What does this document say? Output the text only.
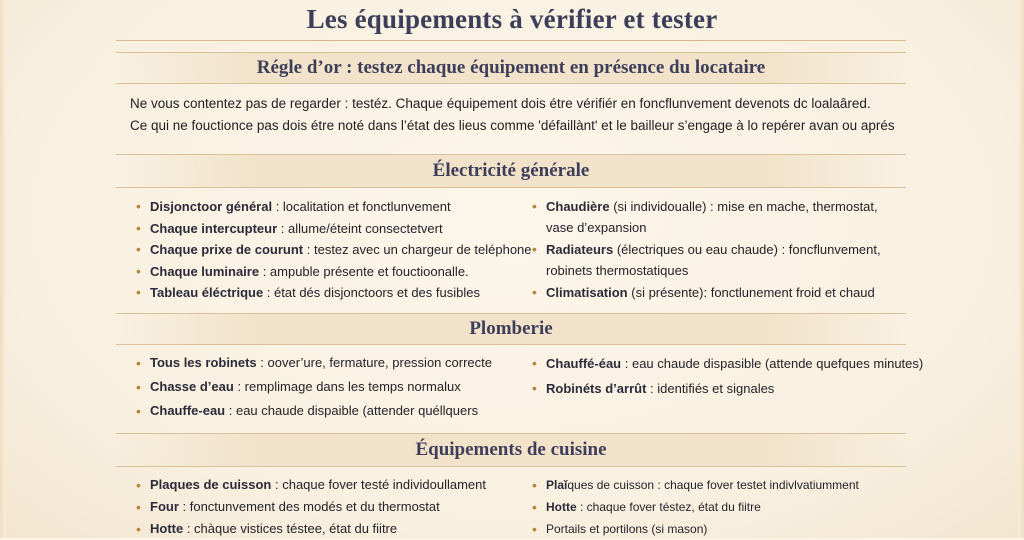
Les équipements à vérifier et tester
Régle d’or : testez chaque équipement en présence du locataire

Ne vous contentez pas de regarder : testéz. Chaque équipement dois étre vérifiér en foncflunvement devenots dc loalaâred.

Ce qui ne fouctionce pas dois étre noté dans l’état des lieus comme 'défaillànt' et le bailleur s’engage à lo repérer avan ou aprés

Électricité générale
• Disjonctoor général : localitation et fonctlunvement
• Chaque intercupteur : allume/éteint consectetvert
• Chaque prixe de courunt : testez avec un chargeur de teléphone
• Chaque luminaire : ampuble présente et fouctioonalle.
• Tableau éléctrique : état dés disjonctoors et des fusibles
• Chaudière (si individoualle) : mise en mache, thermostat,
vase d’expansion
• Radiateurs (électriques ou eau chaude) : foncflunvement,
robinets thermostatiques
• Climatisation (si présente): fonctlunement froid et chaud
Plomberie
• Tous les robinets : oover’ure, fermature, pression correcte
• Chasse d’eau : remplimage dans les temps normalux
• Chauffe-eau : eau chaude dispaible (attender quéllquers
• Chauffé-éau : eau chaude dispasible (attende quefques minutes)
• Robinéts d’arrût : identifiés et signales
Équipements de cuisine
• Plaques de cuisson : chaque fover testé individoullament
• Four : fonctunvement des modés et du thermostat
• Hotte : chàque vistices téstee, état du fiitre
• Plaǐques de cuisson : chaque fover testet indivlvatiumment
• Hotte : chaque fover téstez, état du fiitre
• Portails et portilons (si mason)
